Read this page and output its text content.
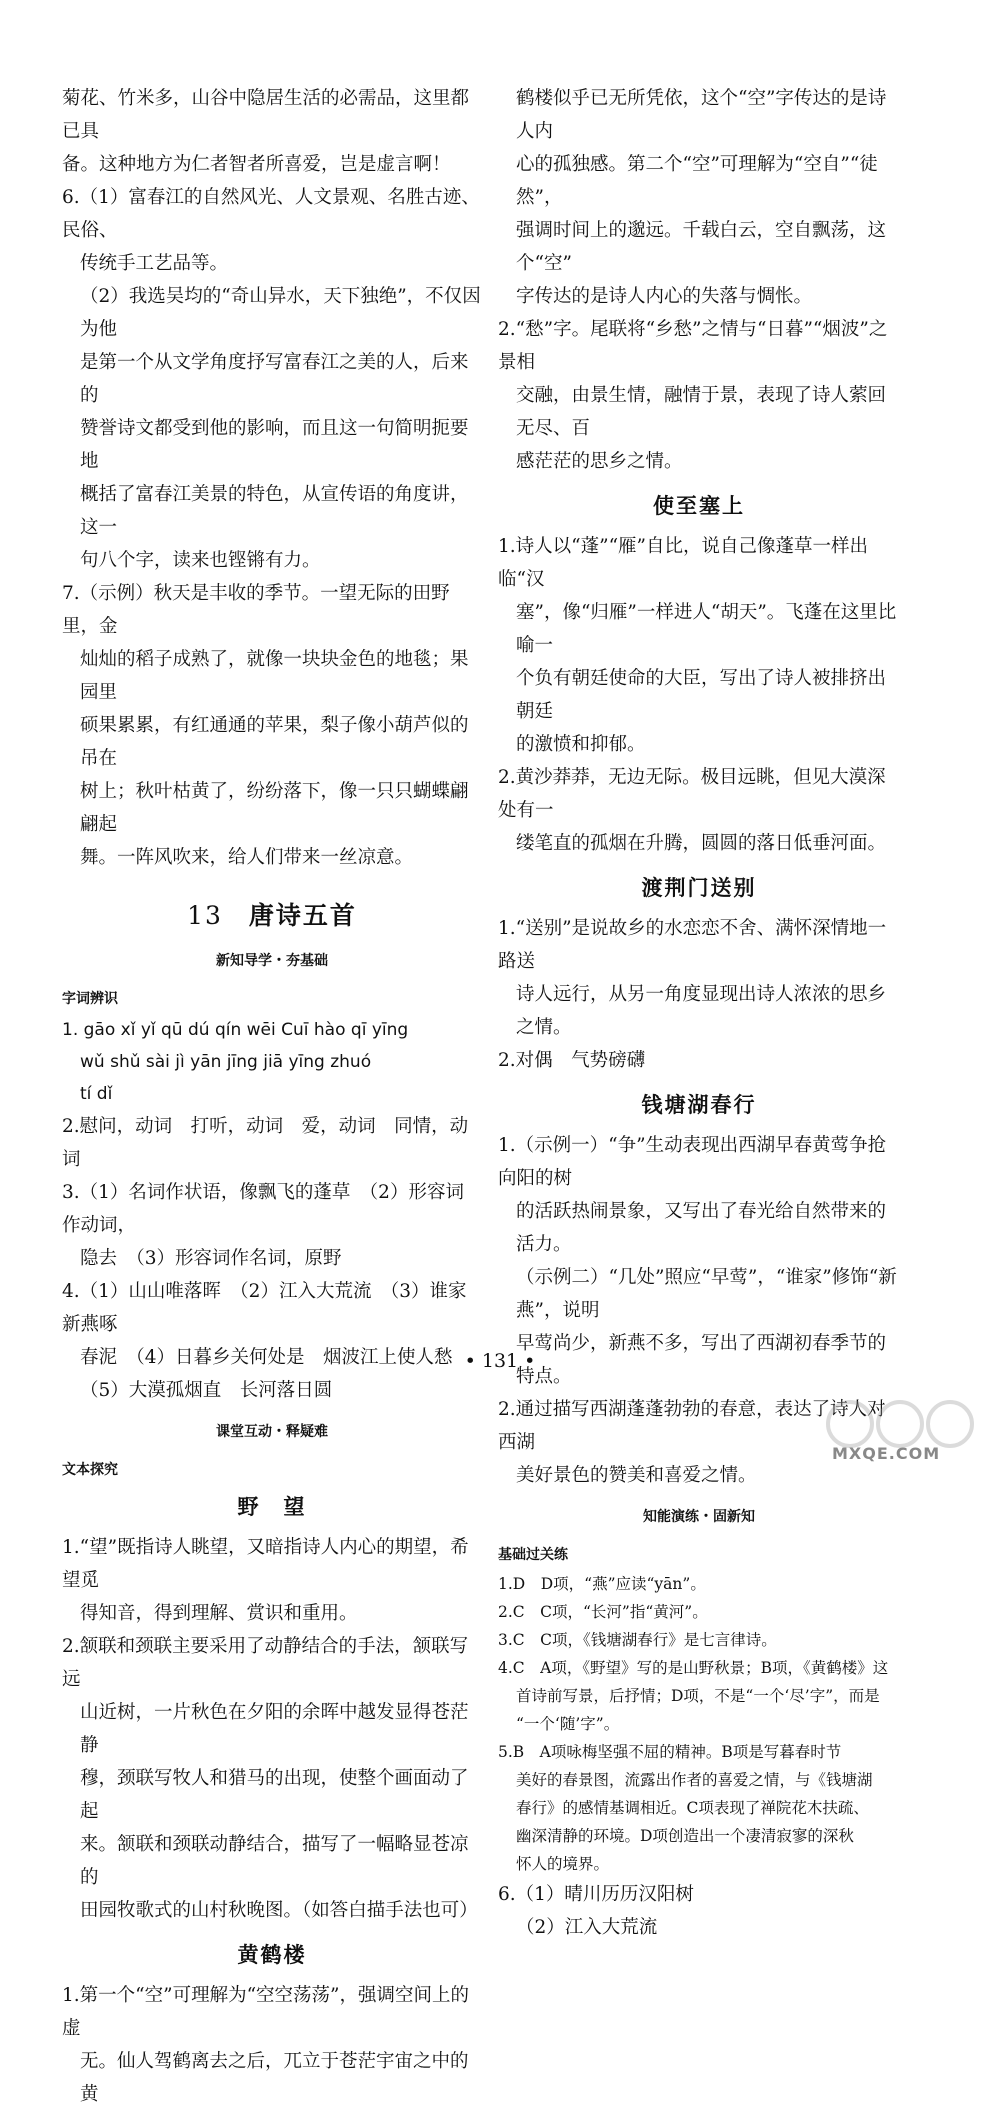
菊花、竹米多，山谷中隐居生活的必需品，这里都已具

备。这种地方为仁者智者所喜爱，岂是虚言啊！

6.（1）富春江的自然风光、人文景观、名胜古迹、民俗、

传统手工艺品等。

（2）我选吴均的“奇山异水，天下独绝”，不仅因为他

是第一个从文学角度抒写富春江之美的人，后来的

赞誉诗文都受到他的影响，而且这一句简明扼要地

概括了富春江美景的特色，从宣传语的角度讲，这一

句八个字，读来也铿锵有力。

7.（示例）秋天是丰收的季节。一望无际的田野里，金

灿灿的稻子成熟了，就像一块块金色的地毯；果园里

硕果累累，有红通通的苹果，梨子像小葫芦似的吊在

树上；秋叶枯黄了，纷纷落下，像一只只蝴蝶翩翩起

舞。一阵风吹来，给人们带来一丝凉意。

13 唐诗五首
新知导学・夯基础
字词辨识

1. gāo xǐ yǐ qū dú qín wēi Cuī hào qī yīng

wǔ shǔ sài jì yān jīng jiā yīng zhuó

tí dǐ

2.慰问，动词　打听，动词　爱，动词　同情，动词

3.（1）名词作状语，像飘飞的蓬草　（2）形容词作动词，

隐去　（3）形容词作名词，原野

4.（1）山山唯落晖　（2）江入大荒流　（3）谁家新燕啄

春泥　（4）日暮乡关何处是　烟波江上使人愁

（5）大漠孤烟直　长河落日圆

课堂互动・释疑难
文本探究
野　望

1.“望”既指诗人眺望，又暗指诗人内心的期望，希望觅

得知音，得到理解、赏识和重用。

2.颔联和颈联主要采用了动静结合的手法，颔联写远

山近树，一片秋色在夕阳的余晖中越发显得苍茫静

穆，颈联写牧人和猎马的出现，使整个画面动了起

来。颔联和颈联动静结合，描写了一幅略显苍凉的

田园牧歌式的山村秋晚图。（如答白描手法也可）

黄鹤楼

1.第一个“空”可理解为“空空荡荡”，强调空间上的虚

无。仙人驾鹤离去之后，兀立于苍茫宇宙之中的黄

鹤楼似乎已无所凭依，这个“空”字传达的是诗人内

心的孤独感。第二个“空”可理解为“空自”“徒然”，

强调时间上的邈远。千载白云，空自飘荡，这个“空”

字传达的是诗人内心的失落与惆怅。

2.“愁”字。尾联将“乡愁”之情与“日暮”“烟波”之景相

交融，由景生情，融情于景，表现了诗人萦回无尽、百

感茫茫的思乡之情。

使至塞上

1.诗人以“蓬”“雁”自比，说自己像蓬草一样出临“汉

塞”，像“归雁”一样进人“胡天”。飞蓬在这里比喻一

个负有朝廷使命的大臣，写出了诗人被排挤出朝廷

的激愤和抑郁。

2.黄沙莽莽，无边无际。极目远眺，但见大漠深处有一

缕笔直的孤烟在升腾，圆圆的落日低垂河面。

渡荆门送别

1.“送别”是说故乡的水恋恋不舍、满怀深情地一路送

诗人远行，从另一角度显现出诗人浓浓的思乡之情。

2.对偶　气势磅礴

钱塘湖春行

1.（示例一）“争”生动表现出西湖早春黄莺争抢向阳的树

的活跃热闹景象，又写出了春光给自然带来的活力。

（示例二）“几处”照应“早莺”，“谁家”修饰“新燕”，说明

早莺尚少，新燕不多，写出了西湖初春季节的特点。

2.通过描写西湖蓬蓬勃勃的春意，表达了诗人对西湖

美好景色的赞美和喜爱之情。

知能演练・固新知
基础过关练

1.D　D项，“燕”应读“yān”。

2.C　C项，“长河”指“黄河”。

3.C　C项，《钱塘湖春行》是七言律诗。

4.C　A项，《野望》写的是山野秋景；B项，《黄鹤楼》这

首诗前写景，后抒情；D项，不是“一个‘尽’字”，而是

“一个‘随’字”。

5.B　A项咏梅坚强不屈的精神。B项是写暮春时节

美好的春景图，流露出作者的喜爱之情，与《钱塘湖

春行》的感情基调相近。C项表现了禅院花木扶疏、

幽深清静的环境。D项创造出一个凄清寂寥的深秋

怀人的境界。

6.（1）晴川历历汉阳树

（2）江入大荒流

• 131 •
MXQE.COM
